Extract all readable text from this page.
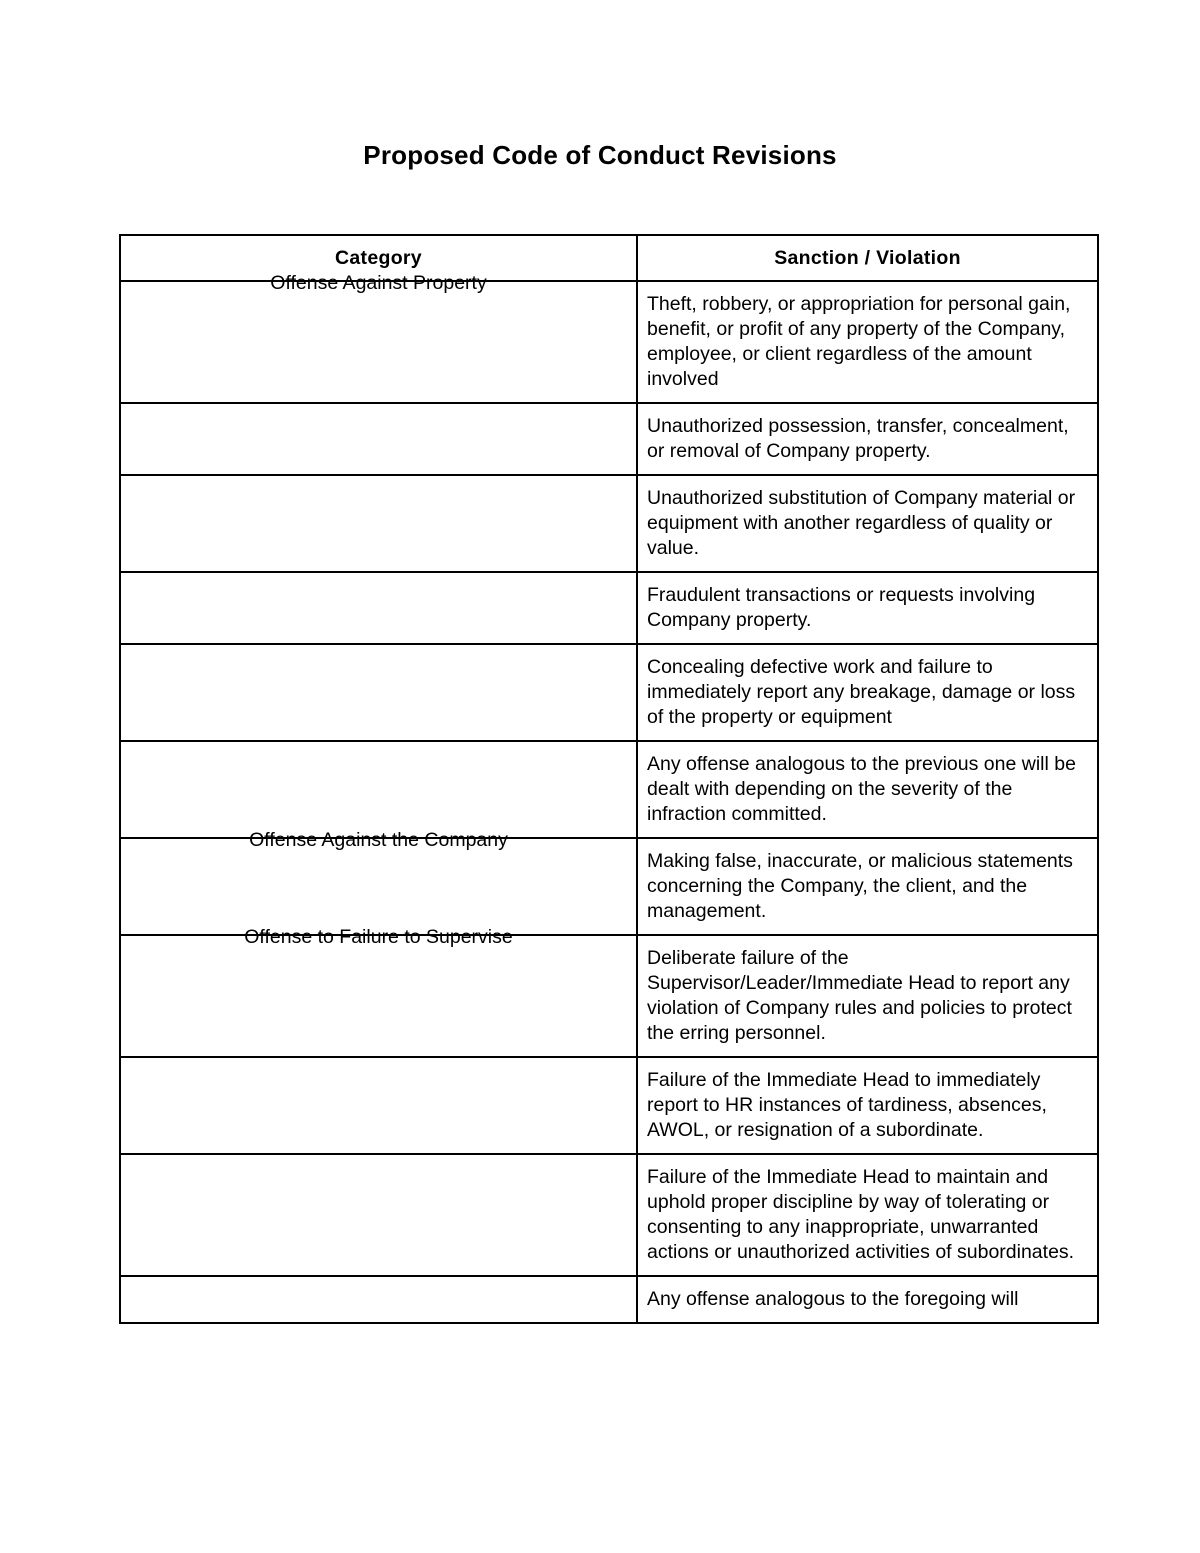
Proposed Code of Conduct Revisions
Category	Sanction / Violation

Offense Against Property	Theft, robbery, or appropriation for personal gain, benefit, or profit of any property of the Company, employee, or client regardless of the amount involved

	Unauthorized possession, transfer, concealment, or removal of Company property.

	Unauthorized substitution of Company material or equipment with another regardless of quality or value.

	Fraudulent transactions or requests involving Company property.

	Concealing defective work and failure to immediately report any breakage, damage or loss of the property or equipment

	Any offense analogous to the previous one will be dealt with depending on the severity of the infraction committed.

Offense Against the Company	Making false, inaccurate, or malicious statements concerning the Company, the client, and the management.

Offense to Failure to Supervise	Deliberate failure of the Supervisor/Leader/Immediate Head to report any violation of Company rules and policies to protect the erring personnel.

	Failure of the Immediate Head to immediately report to HR instances of tardiness, absences, AWOL, or resignation of a subordinate.

	Failure of the Immediate Head to maintain and uphold proper discipline by way of tolerating or consenting to any inappropriate, unwarranted actions or unauthorized activities of subordinates.

	Any offense analogous to the foregoing will
